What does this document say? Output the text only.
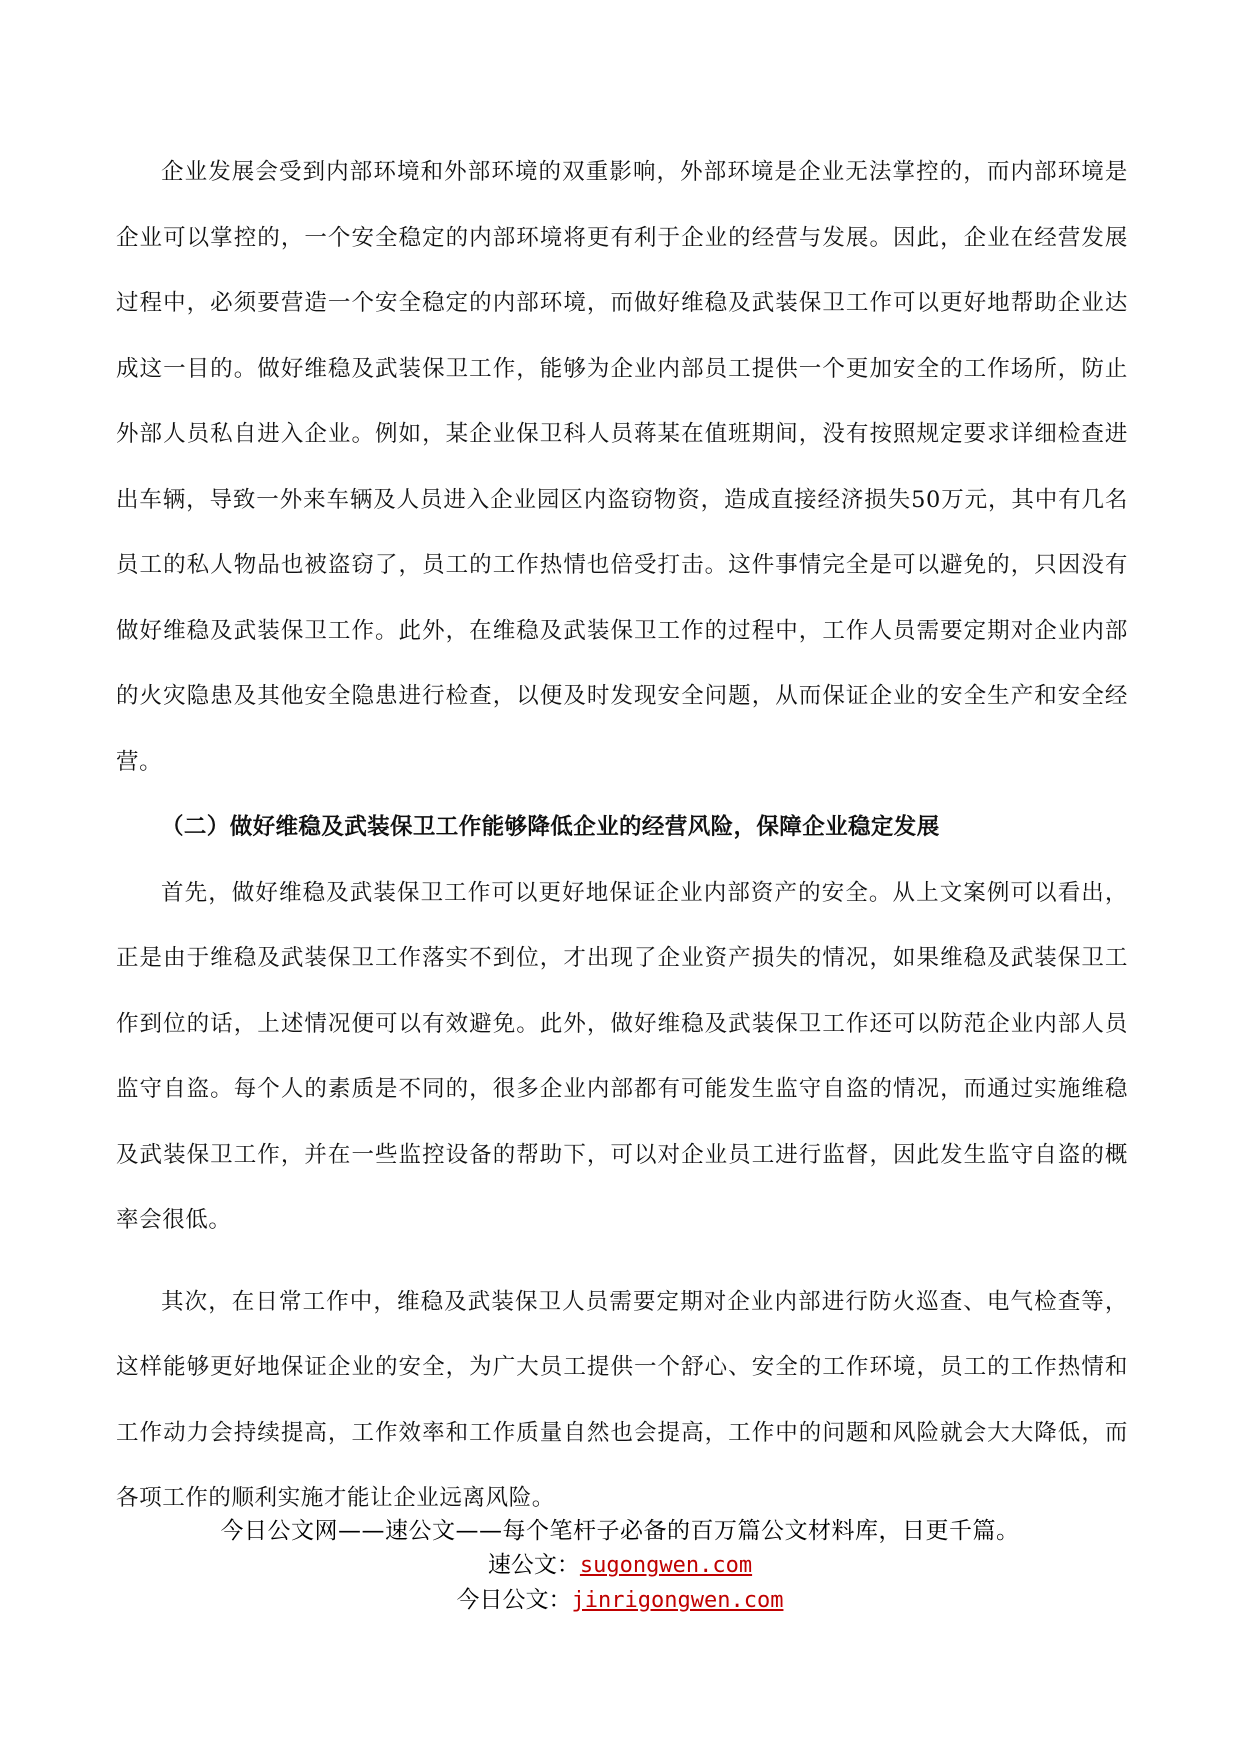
企业发展会受到内部环境和外部环境的双重影响，外部环境是企业无法掌控的，而内部环境是企业可以掌控的，一个安全稳定的内部环境将更有利于企业的经营与发展。因此，企业在经营发展过程中，必须要营造一个安全稳定的内部环境，而做好维稳及武装保卫工作可以更好地帮助企业达成这一目的。做好维稳及武装保卫工作，能够为企业内部员工提供一个更加安全的工作场所，防止外部人员私自进入企业。例如，某企业保卫科人员蒋某在值班期间，没有按照规定要求详细检查进出车辆，导致一外来车辆及人员进入企业园区内盗窃物资，造成直接经济损失50万元，其中有几名员工的私人物品也被盗窃了，员工的工作热情也倍受打击。这件事情完全是可以避免的，只因没有做好维稳及武装保卫工作。此外，在维稳及武装保卫工作的过程中，工作人员需要定期对企业内部的火灾隐患及其他安全隐患进行检查，以便及时发现安全问题，从而保证企业的安全生产和安全经营。

（二）做好维稳及武装保卫工作能够降低企业的经营风险，保障企业稳定发展

首先，做好维稳及武装保卫工作可以更好地保证企业内部资产的安全。从上文案例可以看出，正是由于维稳及武装保卫工作落实不到位，才出现了企业资产损失的情况，如果维稳及武装保卫工作到位的话，上述情况便可以有效避免。此外，做好维稳及武装保卫工作还可以防范企业内部人员监守自盗。每个人的素质是不同的，很多企业内部都有可能发生监守自盗的情况，而通过实施维稳及武装保卫工作，并在一些监控设备的帮助下，可以对企业员工进行监督，因此发生监守自盗的概率会很低。

其次，在日常工作中，维稳及武装保卫人员需要定期对企业内部进行防火巡查、电气检查等，这样能够更好地保证企业的安全，为广大员工提供一个舒心、安全的工作环境，员工的工作热情和工作动力会持续提高，工作效率和工作质量自然也会提高，工作中的问题和风险就会大大降低，而各项工作的顺利实施才能让企业远离风险。

今日公文网——速公文——每个笔杆子必备的百万篇公文材料库，日更千篇。
速公文：sugongwen.com
今日公文：jinrigongwen.com
